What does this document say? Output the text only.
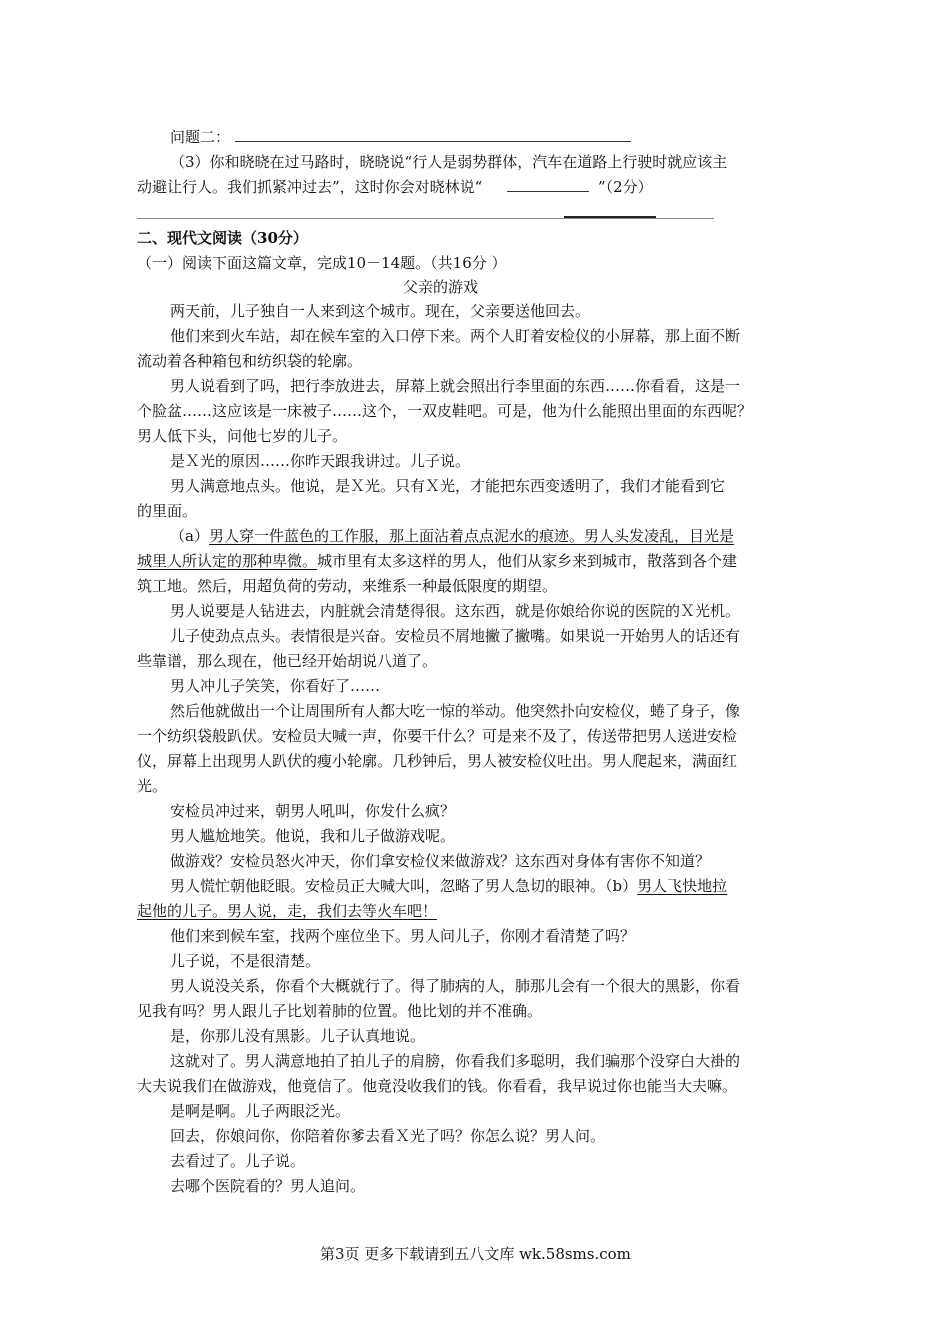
问题二：
（3）你和晓晓在过马路时，晓晓说“行人是弱势群体，汽车在道路上行驶时就应该主
动避让行人。我们抓紧冲过去”，这时你会对晓林说“	”（2分）
二、现代文阅读（30分）
（一）阅读下面这篇文章，完成10－14题。（共16分 ）
父亲的游戏
两天前，儿子独自一人来到这个城市。现在，父亲要送他回去。
他们来到火车站，却在候车室的入口停下来。两个人盯着安检仪的小屏幕，那上面不断
流动着各种箱包和纺织袋的轮廓。
男人说看到了吗，把行李放进去，屏幕上就会照出行李里面的东西……你看看，这是一
个脸盆……这应该是一床被子……这个，一双皮鞋吧。可是，他为什么能照出里面的东西呢？
男人低下头，问他七岁的儿子。
是Ｘ光的原因……你昨天跟我讲过。儿子说。
男人满意地点头。他说，是Ｘ光。只有Ｘ光，才能把东西变透明了，我们才能看到它
的里面。
（a）男人穿一件蓝色的工作服，那上面沾着点点泥水的痕迹。男人头发凌乱，目光是
城里人所认定的那种卑微。城市里有太多这样的男人，他们从家乡来到城市，散落到各个建
筑工地。然后，用超负荷的劳动，来维系一种最低限度的期望。
男人说要是人钻进去，内脏就会清楚得很。这东西，就是你娘给你说的医院的Ｘ光机。
儿子使劲点点头。表情很是兴奋。安检员不屑地撇了撇嘴。如果说一开始男人的话还有
些靠谱，那么现在，他已经开始胡说八道了。
男人冲儿子笑笑，你看好了……
然后他就做出一个让周围所有人都大吃一惊的举动。他突然扑向安检仪，蜷了身子，像
一个纺织袋般趴伏。安检员大喊一声，你要干什么？可是来不及了，传送带把男人送进安检
仪，屏幕上出现男人趴伏的瘦小轮廓。几秒钟后，男人被安检仪吐出。男人爬起来，满面红
光。
安检员冲过来，朝男人吼叫，你发什么疯？
男人尴尬地笑。他说，我和儿子做游戏呢。
做游戏？安检员怒火冲天，你们拿安检仪来做游戏？这东西对身体有害你不知道？
男人慌忙朝他眨眼。安检员正大喊大叫，忽略了男人急切的眼神。（b）男人飞快地拉
起他的儿子。男人说，走，我们去等火车吧！
他们来到候车室，找两个座位坐下。男人问儿子，你刚才看清楚了吗？
儿子说，不是很清楚。
男人说没关系，你看个大概就行了。得了肺病的人，肺那儿会有一个很大的黑影，你看
见我有吗？男人跟儿子比划着肺的位置。他比划的并不准确。
是，你那儿没有黑影。儿子认真地说。
这就对了。男人满意地拍了拍儿子的肩膀，你看我们多聪明，我们骗那个没穿白大褂的
大夫说我们在做游戏，他竟信了。他竟没收我们的钱。你看看，我早说过你也能当大夫嘛。
是啊是啊。儿子两眼泛光。
回去，你娘问你，你陪着你爹去看Ｘ光了吗？你怎么说？男人问。
去看过了。儿子说。
去哪个医院看的？男人追问。
第3页 更多下载请到五八文库 wk.58sms.com
